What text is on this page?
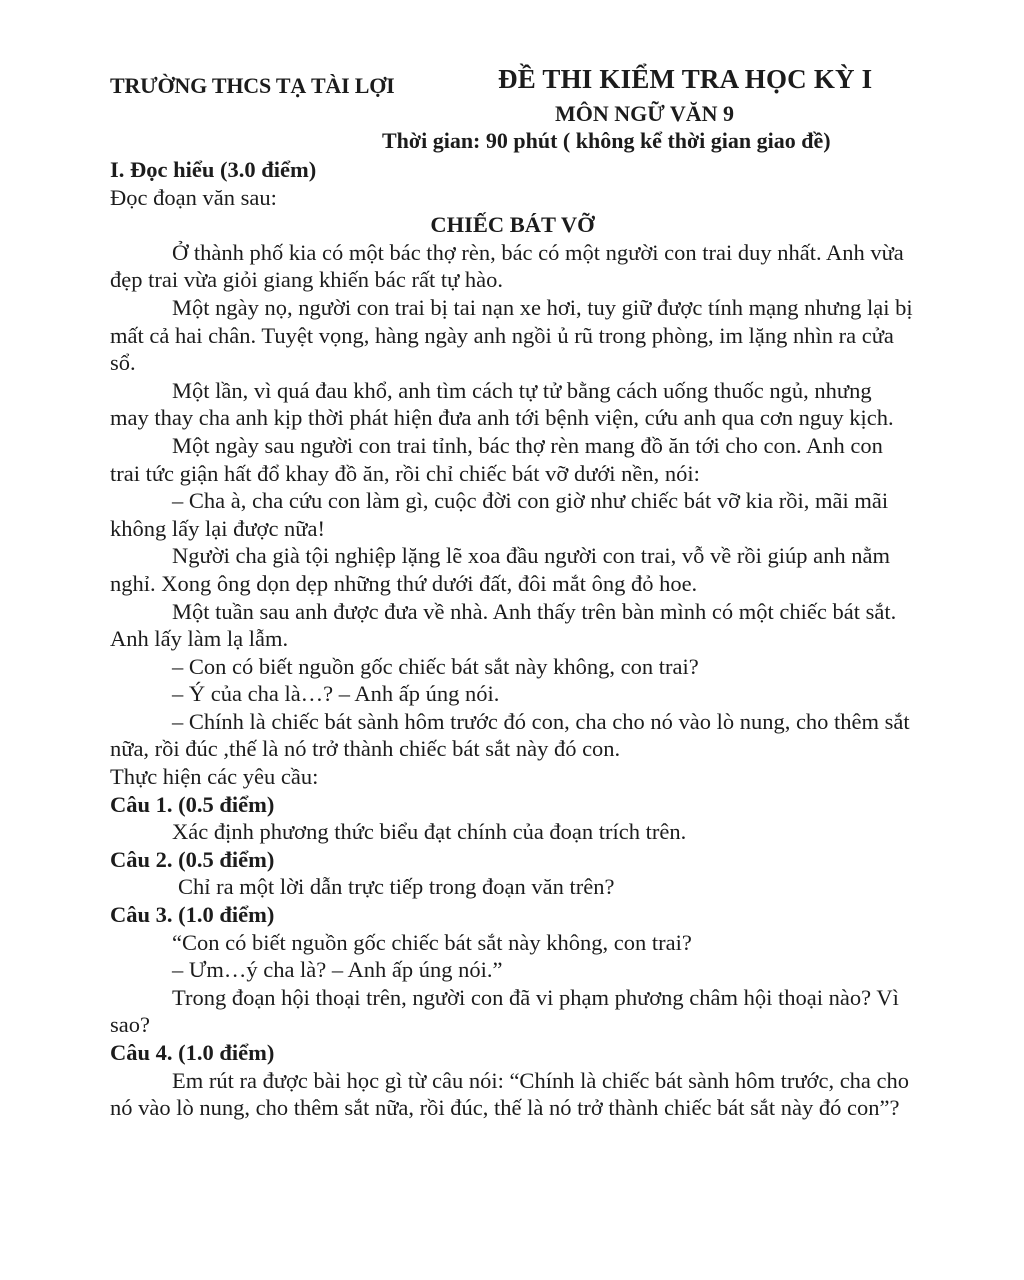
TRƯỜNG THCS TẠ TÀI LỢI	ĐỀ THI KIỂM TRA HỌC KỲ I
MÔN NGỮ VĂN 9
Thời gian: 90 phút ( không kể thời gian giao đề)
I. Đọc hiểu (3.0 điểm)
Đọc đoạn văn sau:
CHIẾC BÁT VỠ

Ở thành phố kia có một bác thợ rèn, bác có một người con trai duy nhất. Anh vừa đẹp trai vừa giỏi giang khiến bác rất tự hào.

Một ngày nọ, người con trai bị tai nạn xe hơi, tuy giữ được tính mạng nhưng lại bị mất cả hai chân. Tuyệt vọng, hàng ngày anh ngồi ủ rũ trong phòng, im lặng nhìn ra cửa sổ.

Một lần, vì quá đau khổ, anh tìm cách tự tử bằng cách uống thuốc ngủ, nhưng may thay cha anh kịp thời phát hiện đưa anh tới bệnh viện, cứu anh qua cơn nguy kịch.

Một ngày sau người con trai tỉnh, bác thợ rèn mang đồ ăn tới cho con. Anh con trai tức giận hất đổ khay đồ ăn, rồi chỉ chiếc bát vỡ dưới nền, nói:

– Cha à, cha cứu con làm gì, cuộc đời con giờ như chiếc bát vỡ kia rồi, mãi mãi không lấy lại được nữa!

Người cha già tội nghiệp lặng lẽ xoa đầu người con trai, vỗ về rồi giúp anh nằm nghỉ. Xong ông dọn dẹp những thứ dưới đất, đôi mắt ông đỏ hoe.

Một tuần sau anh được đưa về nhà. Anh thấy trên bàn mình có một chiếc bát sắt. Anh lấy làm lạ lẫm.

– Con có biết nguồn gốc chiếc bát sắt này không, con trai?

– Ý của cha là…? – Anh ấp úng nói.

– Chính là chiếc bát sành hôm trước đó con, cha cho nó vào lò nung, cho thêm sắt nữa, rồi đúc ,thế là nó trở thành chiếc bát sắt này đó con.

Thực hiện các yêu cầu:
Câu 1. (0.5 điểm)

Xác định phương thức biểu đạt chính của đoạn trích trên.

Câu 2. (0.5 điểm)

Chỉ ra một lời dẫn trực tiếp trong đoạn văn trên?

Câu 3. (1.0 điểm)

“Con có biết nguồn gốc chiếc bát sắt này không, con trai?

– Ưm…ý cha là? – Anh ấp úng nói.”

Trong đoạn hội thoại trên, người con đã vi phạm phương châm hội thoại nào? Vì sao?

Câu 4. (1.0 điểm)

Em rút ra được bài học gì từ câu nói: “Chính là chiếc bát sành hôm trước, cha cho nó vào lò nung, cho thêm sắt nữa, rồi đúc, thế là nó trở thành chiếc bát sắt này đó con”?
